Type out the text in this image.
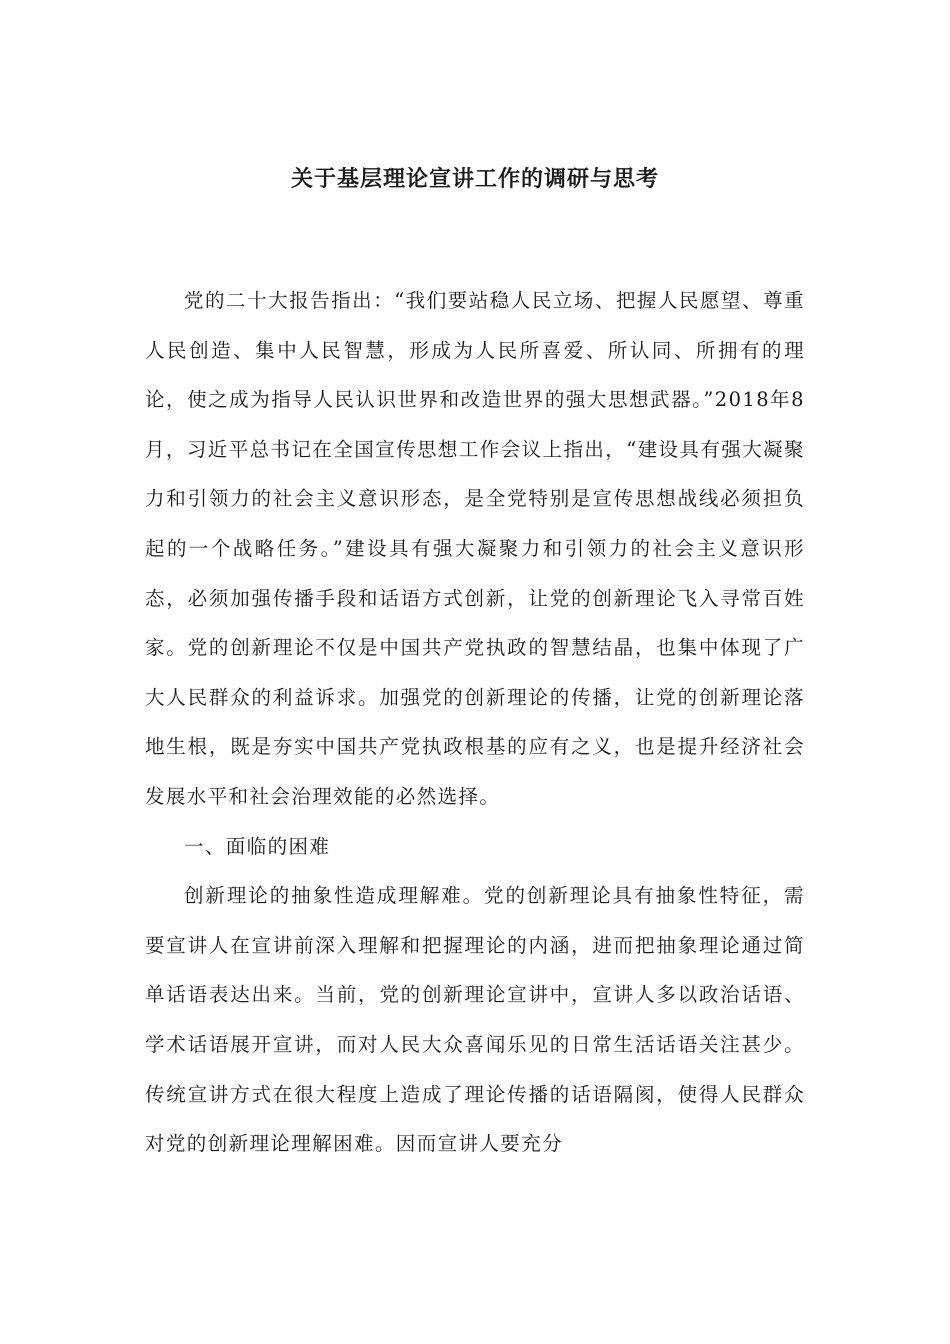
关于基层理论宣讲工作的调研与思考

党的二十大报告指出：“我们要站稳人民立场、把握人民愿望、尊重人民创造、集中人民智慧，形成为人民所喜爱、所认同、所拥有的理论，使之成为指导人民认识世界和改造世界的强大思想武器。”2018年8月，习近平总书记在全国宣传思想工作会议上指出，“建设具有强大凝聚力和引领力的社会主义意识形态，是全党特别是宣传思想战线必须担负起的一个战略任务。”建设具有强大凝聚力和引领力的社会主义意识形态，必须加强传播手段和话语方式创新，让党的创新理论飞入寻常百姓家。党的创新理论不仅是中国共产党执政的智慧结晶，也集中体现了广大人民群众的利益诉求。加强党的创新理论的传播，让党的创新理论落地生根，既是夯实中国共产党执政根基的应有之义，也是提升经济社会发展水平和社会治理效能的必然选择。

一、面临的困难

创新理论的抽象性造成理解难。党的创新理论具有抽象性特征，需要宣讲人在宣讲前深入理解和把握理论的内涵，进而把抽象理论通过简单话语表达出来。当前，党的创新理论宣讲中，宣讲人多以政治话语、学术话语展开宣讲，而对人民大众喜闻乐见的日常生活话语关注甚少。传统宣讲方式在很大程度上造成了理论传播的话语隔阂，使得人民群众对党的创新理论理解困难。因而宣讲人要充分
